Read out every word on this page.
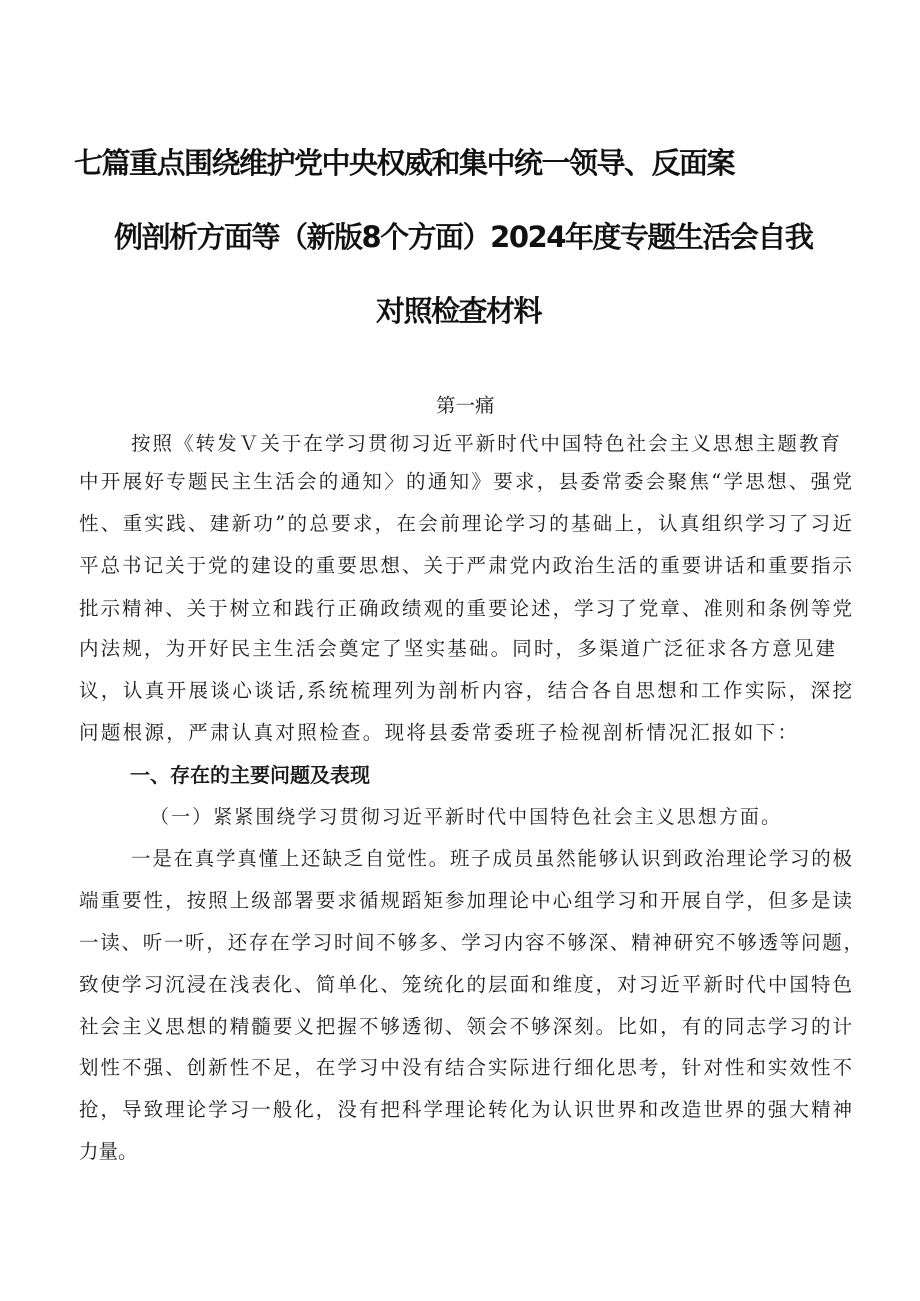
七篇重点围绕维护党中央权威和集中统一领导、反面案
例剖析方面等（新版8个方面）2024年度专题生活会自我
对照检查材料
第一痛
按照《转发Ｖ关于在学习贯彻习近平新时代中国特色社会主义思想主题教育
中开展好专题民主生活会的通知〉的通知》要求，县委常委会聚焦“学思想、强党
性、重实践、建新功”的总要求，在会前理论学习的基础上，认真组织学习了习近
平总书记关于党的建设的重要思想、关于严肃党内政治生活的重要讲话和重要指示
批示精神、关于树立和践行正确政绩观的重要论述，学习了党章、准则和条例等党
内法规，为开好民主生活会奠定了坚实基础。同时，多渠道广泛征求各方意见建
议，认真开展谈心谈话,系统梳理列为剖析内容，结合各自思想和工作实际，深挖
问题根源，严肃认真对照检查。现将县委常委班子检视剖析情况汇报如下：
一、存在的主要问题及表现
（一）紧紧围绕学习贯彻习近平新时代中国特色社会主义思想方面。
一是在真学真懂上还缺乏自觉性。班子成员虽然能够认识到政治理论学习的极
端重要性，按照上级部署要求循规蹈矩参加理论中心组学习和开展自学，但多是读
一读、听一听，还存在学习时间不够多、学习内容不够深、精神研究不够透等问题，
致使学习沉浸在浅表化、简单化、笼统化的层面和维度，对习近平新时代中国特色
社会主义思想的精髓要义把握不够透彻、领会不够深刻。比如，有的同志学习的计
划性不强、创新性不足，在学习中没有结合实际进行细化思考，针对性和实效性不
抢，导致理论学习一般化，没有把科学理论转化为认识世界和改造世界的强大精神
力量。
